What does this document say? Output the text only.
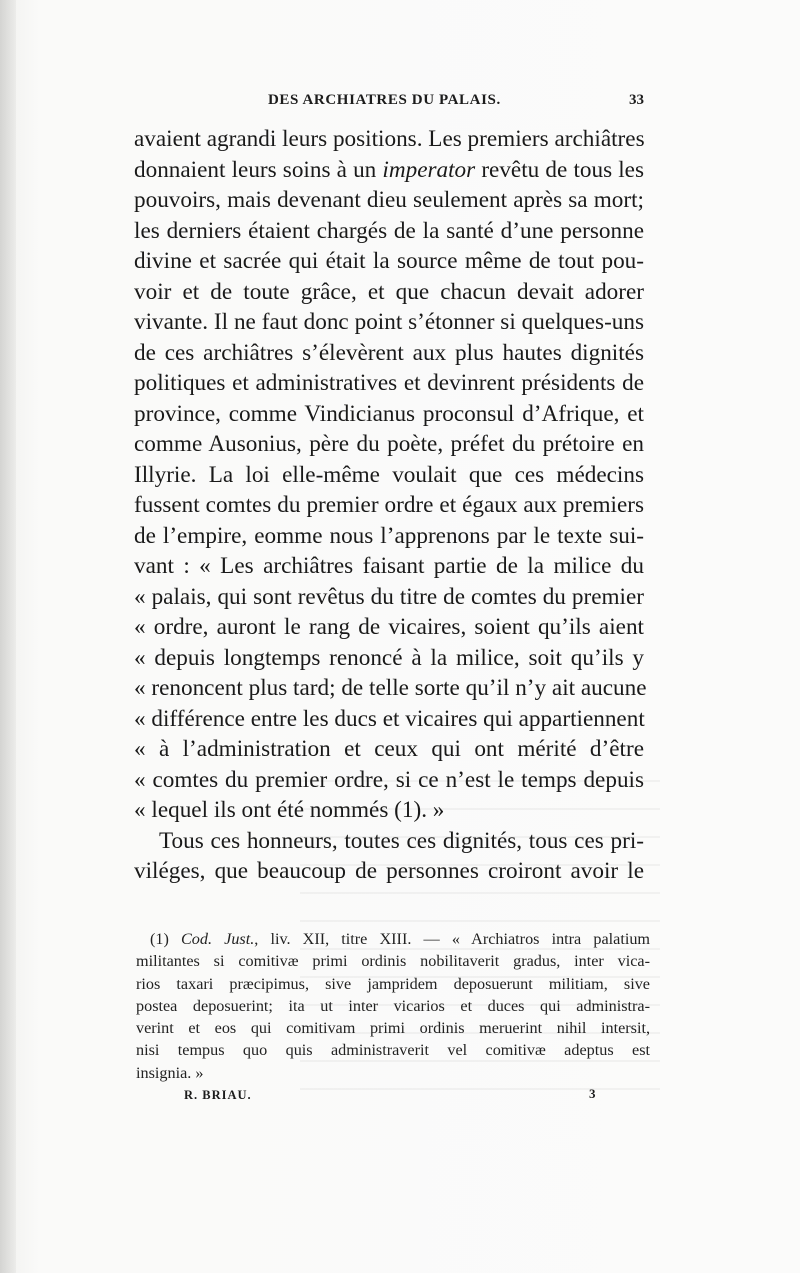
DES ARCHIATRES DU PALAIS.	33
avaient agrandi leurs positions. Les premiers archiâtres
donnaient leurs soins à un imperator revêtu de tous les
pouvoirs, mais devenant dieu seulement après sa mort;
les derniers étaient chargés de la santé d’une personne
divine et sacrée qui était la source même de tout pou-
voir et de toute grâce, et que chacun devait adorer
vivante. Il ne faut donc point s’étonner si quelques-uns
de ces archiâtres s’élevèrent aux plus hautes dignités
politiques et administratives et devinrent présidents de
province, comme Vindicianus proconsul d’Afrique, et
comme Ausonius, père du poète, préfet du prétoire en
Illyrie. La loi elle-même voulait que ces médecins
fussent comtes du premier ordre et égaux aux premiers
de l’empire, eomme nous l’apprenons par le texte sui-
vant : « Les archiâtres faisant partie de la milice du
« palais, qui sont revêtus du titre de comtes du premier
« ordre, auront le rang de vicaires, soient qu’ils aient
« depuis longtemps renoncé à la milice, soit qu’ils y
« renoncent plus tard; de telle sorte qu’il n’y ait aucune
« différence entre les ducs et vicaires qui appartiennent
« à l’administration et ceux qui ont mérité d’être
« comtes du premier ordre, si ce n’est le temps depuis
« lequel ils ont été nommés (1). »
Tous ces honneurs, toutes ces dignités, tous ces pri-
viléges, que beaucoup de personnes croiront avoir le
(1) Cod. Just., liv. XII, titre XIII. — « Archiatros intra palatium
militantes si comitivæ primi ordinis nobilitaverit gradus, inter vica-
rios taxari præcipimus, sive jampridem deposuerunt militiam, sive
postea deposuerint; ita ut inter vicarios et duces qui administra-
verint et eos qui comitivam primi ordinis meruerint nihil intersit,
nisi tempus quo quis administraverit vel comitivæ adeptus est
insignia. »
R. BRIAU.	3
